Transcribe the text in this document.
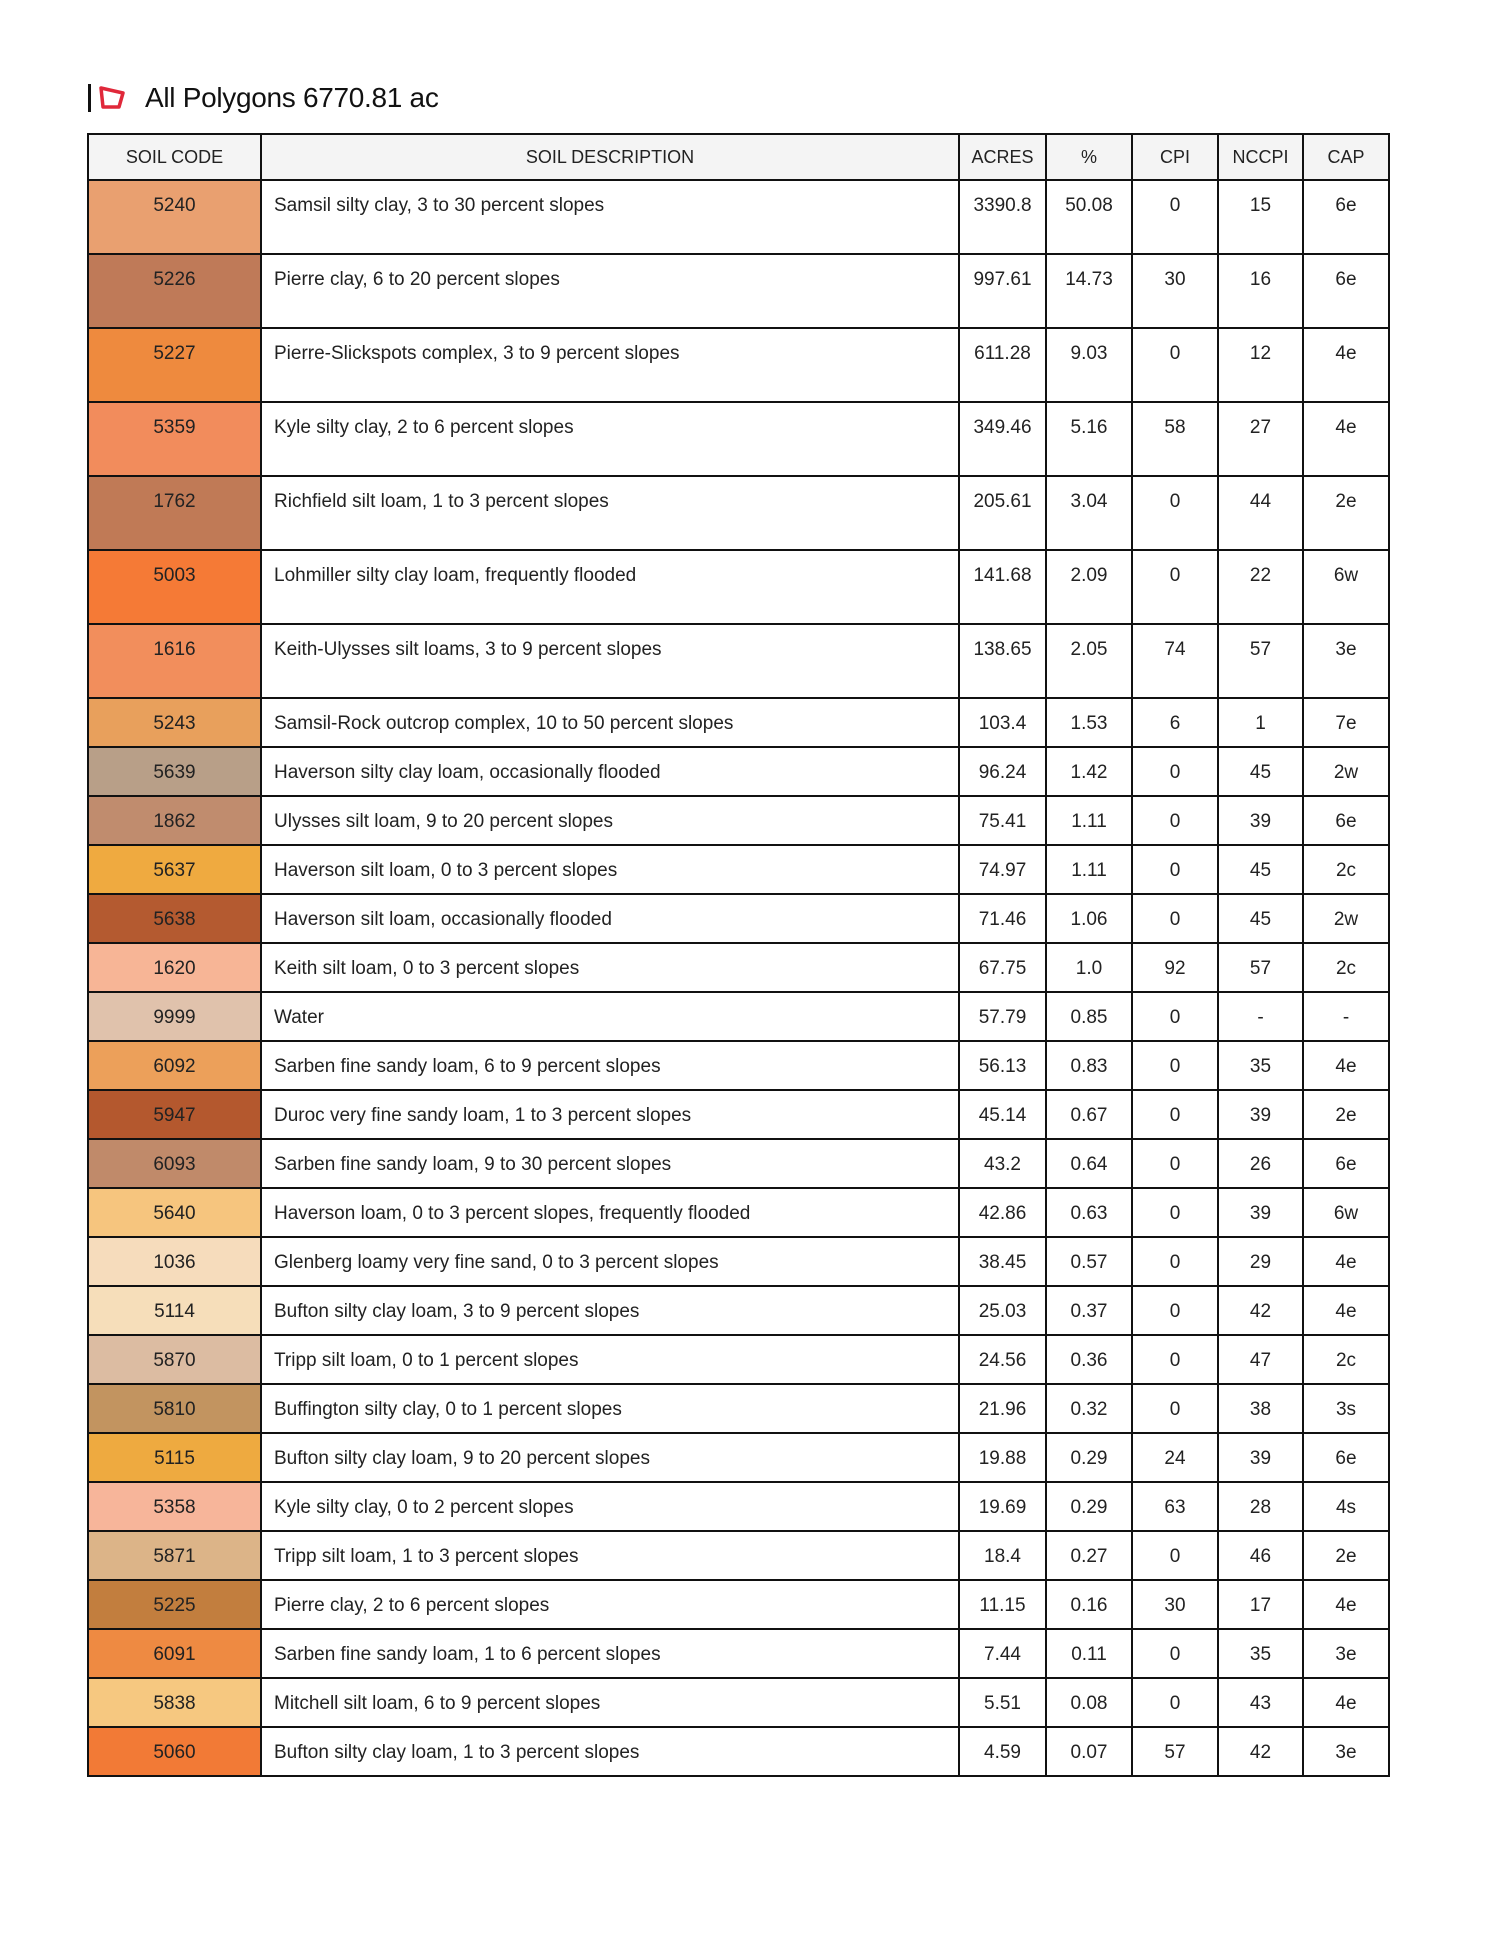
All Polygons 6770.81 ac
SOIL CODE	SOIL DESCRIPTION	ACRES	%	CPI	NCCPI	CAP
5240	Samsil silty clay, 3 to 30 percent slopes	3390.8	50.08	0	15	6e
5226	Pierre clay, 6 to 20 percent slopes	997.61	14.73	30	16	6e
5227	Pierre-Slickspots complex, 3 to 9 percent slopes	611.28	9.03	0	12	4e
5359	Kyle silty clay, 2 to 6 percent slopes	349.46	5.16	58	27	4e
1762	Richfield silt loam, 1 to 3 percent slopes	205.61	3.04	0	44	2e
5003	Lohmiller silty clay loam, frequently flooded	141.68	2.09	0	22	6w
1616	Keith-Ulysses silt loams, 3 to 9 percent slopes	138.65	2.05	74	57	3e
5243	Samsil-Rock outcrop complex, 10 to 50 percent slopes	103.4	1.53	6	1	7e
5639	Haverson silty clay loam, occasionally flooded	96.24	1.42	0	45	2w
1862	Ulysses silt loam, 9 to 20 percent slopes	75.41	1.11	0	39	6e
5637	Haverson silt loam, 0 to 3 percent slopes	74.97	1.11	0	45	2c
5638	Haverson silt loam, occasionally flooded	71.46	1.06	0	45	2w
1620	Keith silt loam, 0 to 3 percent slopes	67.75	1.0	92	57	2c
9999	Water	57.79	0.85	0	-	-
6092	Sarben fine sandy loam, 6 to 9 percent slopes	56.13	0.83	0	35	4e
5947	Duroc very fine sandy loam, 1 to 3 percent slopes	45.14	0.67	0	39	2e
6093	Sarben fine sandy loam, 9 to 30 percent slopes	43.2	0.64	0	26	6e
5640	Haverson loam, 0 to 3 percent slopes, frequently flooded	42.86	0.63	0	39	6w
1036	Glenberg loamy very fine sand, 0 to 3 percent slopes	38.45	0.57	0	29	4e
5114	Bufton silty clay loam, 3 to 9 percent slopes	25.03	0.37	0	42	4e
5870	Tripp silt loam, 0 to 1 percent slopes	24.56	0.36	0	47	2c
5810	Buffington silty clay, 0 to 1 percent slopes	21.96	0.32	0	38	3s
5115	Bufton silty clay loam, 9 to 20 percent slopes	19.88	0.29	24	39	6e
5358	Kyle silty clay, 0 to 2 percent slopes	19.69	0.29	63	28	4s
5871	Tripp silt loam, 1 to 3 percent slopes	18.4	0.27	0	46	2e
5225	Pierre clay, 2 to 6 percent slopes	11.15	0.16	30	17	4e
6091	Sarben fine sandy loam, 1 to 6 percent slopes	7.44	0.11	0	35	3e
5838	Mitchell silt loam, 6 to 9 percent slopes	5.51	0.08	0	43	4e
5060	Bufton silty clay loam, 1 to 3 percent slopes	4.59	0.07	57	42	3e
